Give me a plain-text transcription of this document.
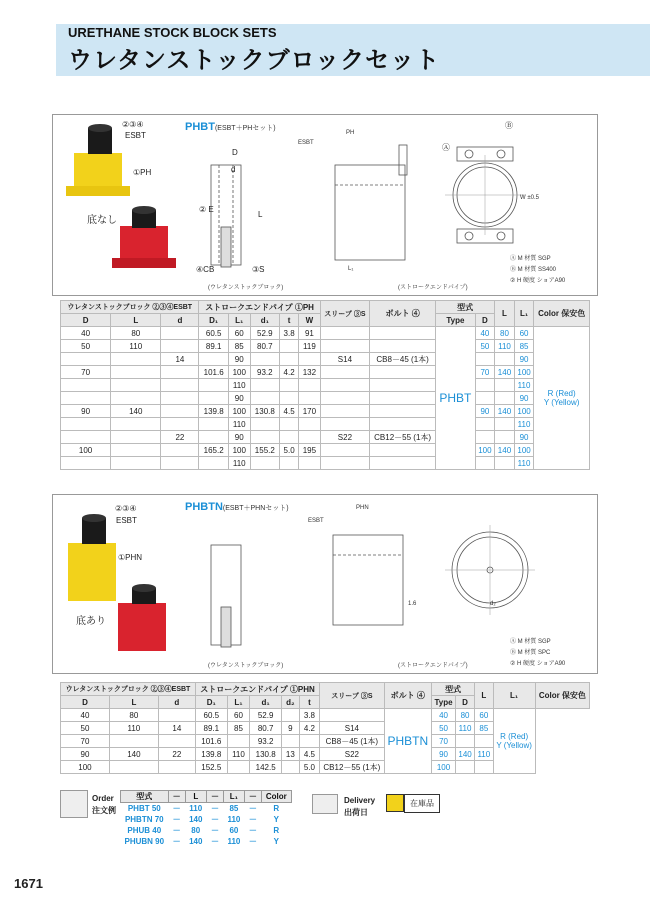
URETHANE STOCK BLOCK SETS
ウレタンストックブロックセット
PHBT(ESBT＋PHセット)
②③④
ESBT
①PH
底なし
D
d
② E
L
④CB	③S
(ウレタンストックブロック)
ESBT
PH
(ストロークエンドパイプ)
L₁
W ±0.5
Ⓐ
Ⓑ
Ⓐ M 材質 SGP
Ⓑ M 材質 SS400
② H 硬度 ショアA90
ウレタンストックブロック ②③④ESBT			ストロークエンドパイプ ①PH					スリーブ ③S	ボルト ④	型式		L	L₁	Color 保安色
D	L	d	D₁	L₁	d₁	t	W			Type	D			
40	80		60.5	60	52.9	3.8	91			PHBT	40	80	60	R (Red)
Y (Yellow)
50	110		89.1	85	80.7		119				50	110	85	
		14		90				S14	CB8－45 (1本)				90	
70			101.6	100	93.2	4.2	132				70	140	100	
				110									110	
				90									90	
90	140		139.8	100	130.8	4.5	170				90	140	100	
				110									110	
		22		90				S22	CB12－55 (1本)				90	
100			165.2	100	155.2	5.0	195				100	140	100	
				110									110	
PHBTN(ESBT＋PHNセット)
②③④
ESBT
①PHN
底あり
ESBT
PHN
d₂
1.6
(ストロークエンドパイプ)
(ウレタンストックブロック)
Ⓐ M 材質 SGP
Ⓑ M 材質 SPC
② H 硬度 ショアA90
ウレタンストックブロック ②③④ESBT			ストロークエンドパイプ ①PHN					スリーブ ③S	ボルト ④	型式		L	L₁	Color 保安色
D	L	d	D₁	L₁	d₁	d₂	t			Type	D			
40	80		60.5	60	52.9		3.8		PHBTN	40	80	60	R (Red)
Y (Yellow)	
50	110	14	89.1	85	80.7	9	4.2	S14		50	110	85		
70			101.6		93.2			CB8－45 (1本)		70				
90	140	22	139.8	110	130.8	13	4.5	S22		90	140	110		
100			152.5		142.5		5.0	CB12－55 (1本)		100				
Order
注文例
型式	－	L	－	L₁	－	Color
PHBT 50	－	110	－	85	－	R
PHBTN 70	－	140	－	110	－	Y
PHUB 40	－	80	－	60	－	R
PHUBN 90	－	140	－	110	－	Y
Delivery
出荷日
在庫品
1671
